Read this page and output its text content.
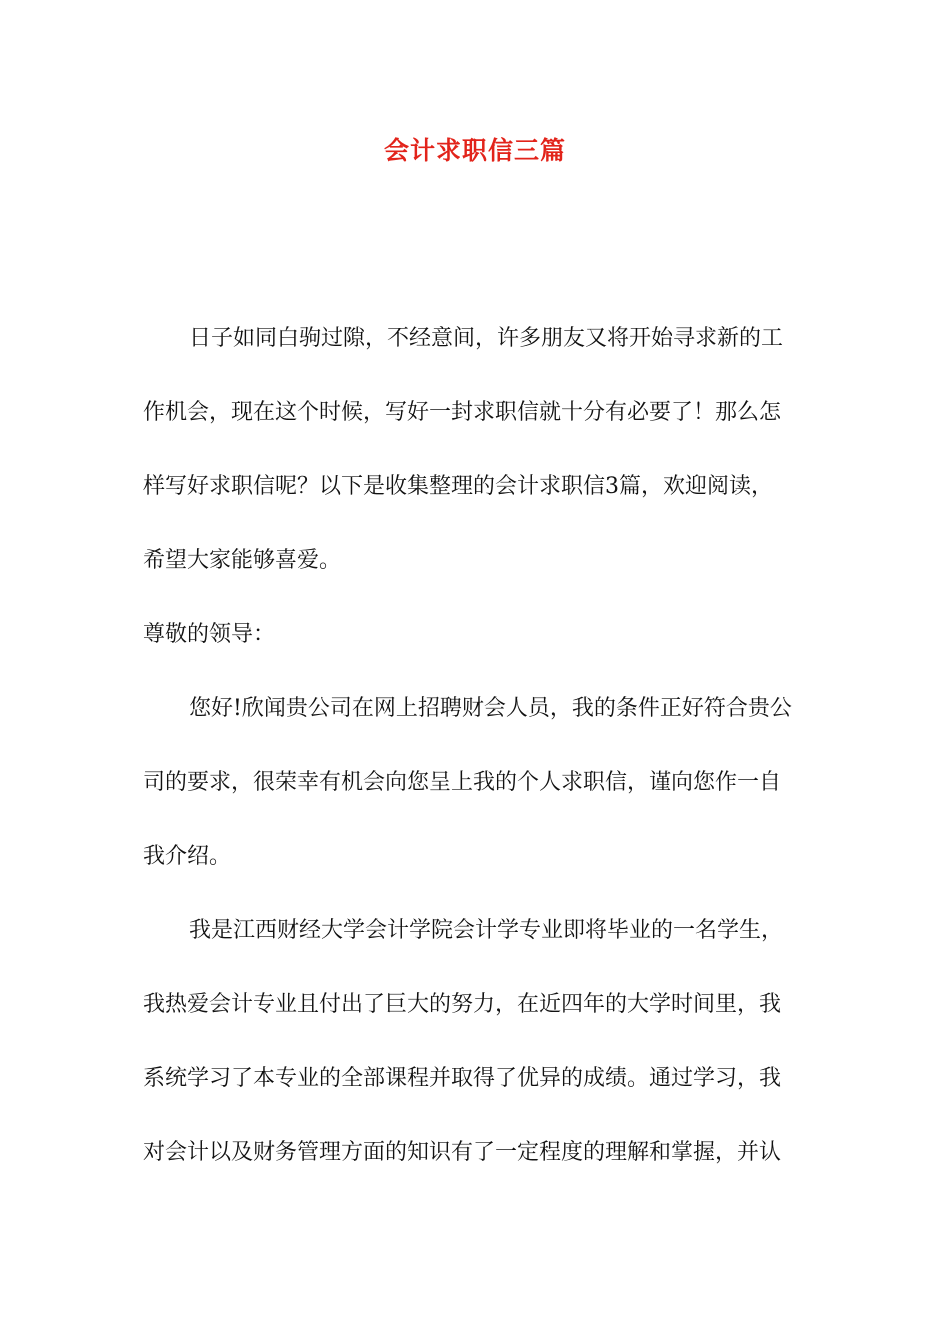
会计求职信三篇
日子如同白驹过隙，不经意间，许多朋友又将开始寻求新的工
作机会，现在这个时候，写好一封求职信就十分有必要了！那么怎
样写好求职信呢？以下是收集整理的会计求职信3篇，欢迎阅读，
希望大家能够喜爱。
尊敬的领导：
您好!欣闻贵公司在网上招聘财会人员，我的条件正好符合贵公
司的要求，很荣幸有机会向您呈上我的个人求职信，谨向您作一自
我介绍。
我是江西财经大学会计学院会计学专业即将毕业的一名学生，
我热爱会计专业且付出了巨大的努力，在近四年的大学时间里，我
系统学习了本专业的全部课程并取得了优异的成绩。通过学习，我
对会计以及财务管理方面的知识有了一定程度的理解和掌握，并认
